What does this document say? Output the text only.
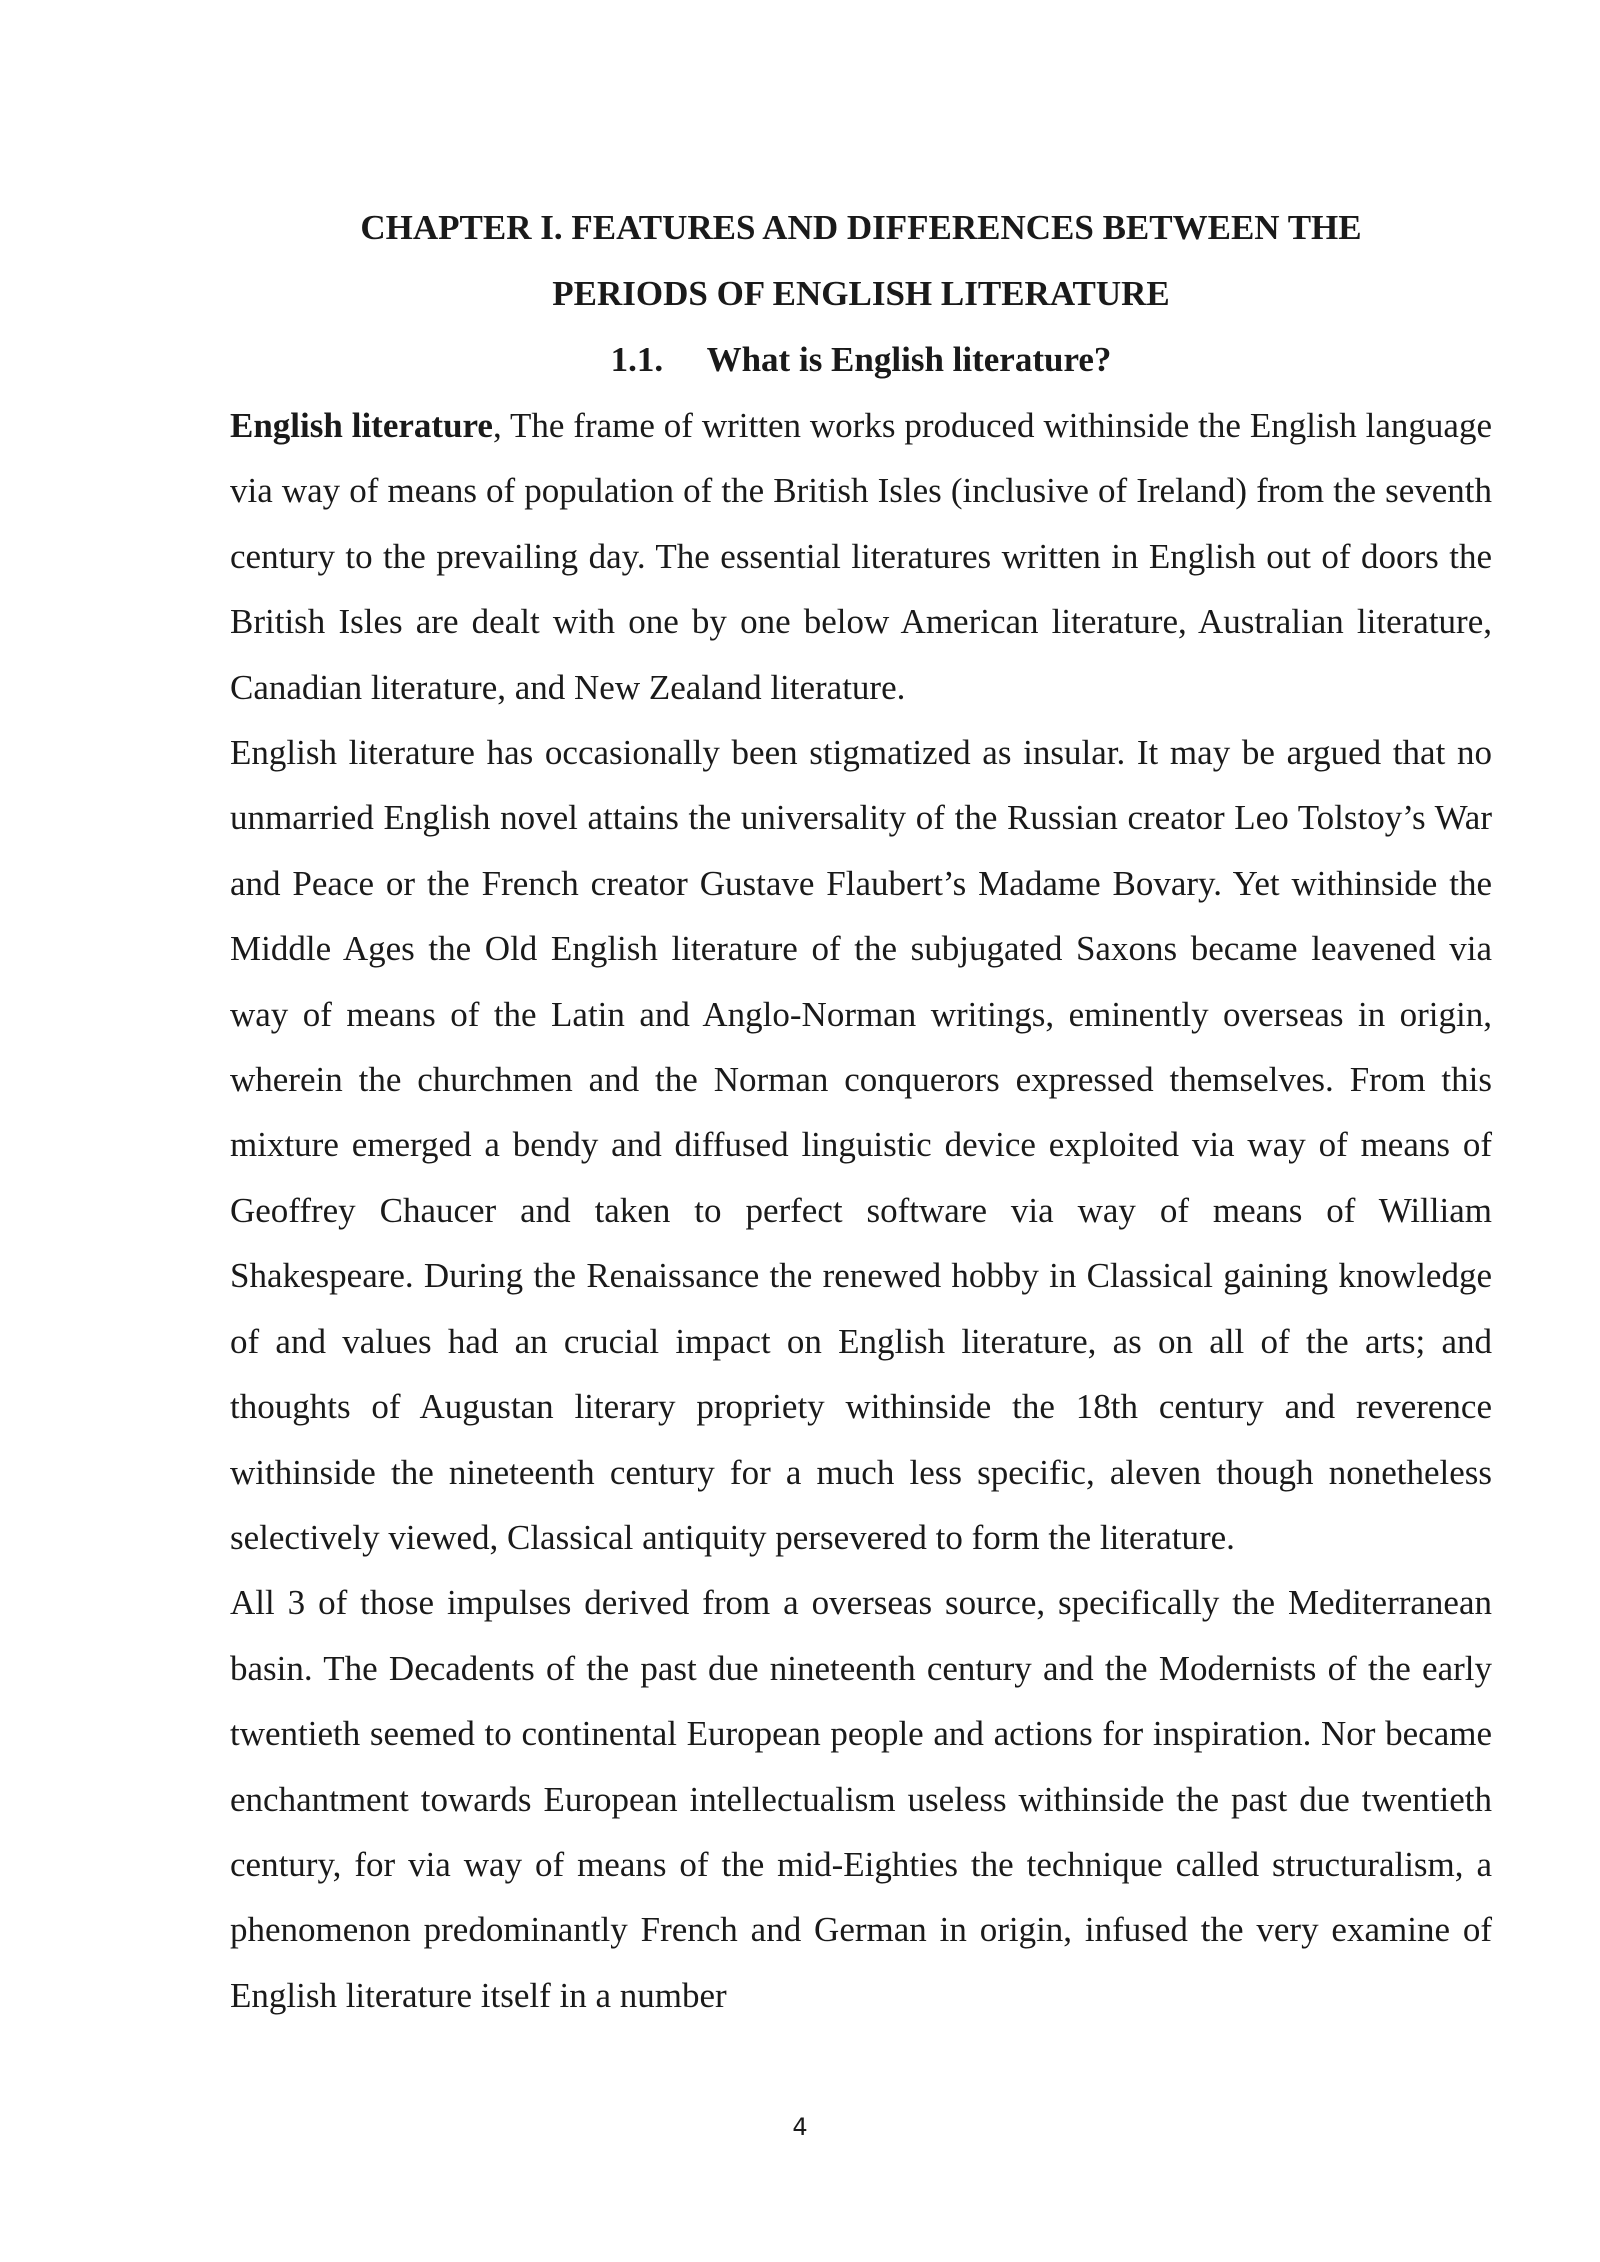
CHAPTER I. FEATURES AND DIFFERENCES BETWEEN THE

PERIODS OF ENGLISH LITERATURE

1.1. What is English literature?

English literature, The frame of written works produced withinside the English language via way of means of population of the British Isles (inclusive of Ireland) from the seventh century to the prevailing day. The essential literatures written in English out of doors the British Isles are dealt with one by one below American literature, Australian literature, Canadian literature, and New Zealand literature.

English literature has occasionally been stigmatized as insular. It may be argued that no unmarried English novel attains the universality of the Russian creator Leo Tolstoy’s War and Peace or the French creator Gustave Flaubert’s Madame Bovary. Yet withinside the Middle Ages the Old English literature of the subjugated Saxons became leavened via way of means of the Latin and Anglo-Norman writings, eminently overseas in origin, wherein the churchmen and the Norman conquerors expressed themselves. From this mixture emerged a bendy and diffused linguistic device exploited via way of means of Geoffrey Chaucer and taken to perfect software via way of means of William Shakespeare. During the Renaissance the renewed hobby in Classical gaining knowledge of and values had an crucial impact on English literature, as on all of the arts; and thoughts of Augustan literary propriety withinside the 18th century and reverence withinside the nineteenth century for a much less specific, aleven though nonetheless selectively viewed, Classical antiquity persevered to form the literature.

All 3 of those impulses derived from a overseas source, specifically the Mediterranean basin. The Decadents of the past due nineteenth century and the Modernists of the early twentieth seemed to continental European people and actions for inspiration. Nor became enchantment towards European intellectualism useless withinside the past due twentieth century, for via way of means of the mid-Eighties the technique called structuralism, a phenomenon predominantly French and German in origin, infused the very examine of English literature itself in a number

4
